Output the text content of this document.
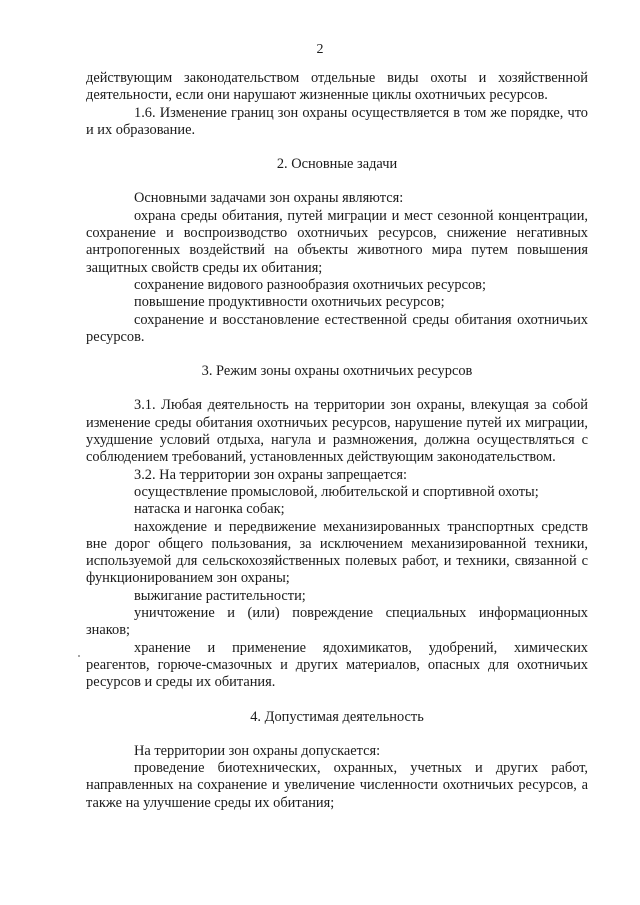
2

действующим законодательством отдельные виды охоты и хозяйственной деятельности, если они нарушают жизненные циклы охотничьих ресурсов.

1.6. Изменение границ зон охраны осуществляется в том же порядке, что и их образование.

2. Основные задачи

Основными задачами зон охраны являются:

охрана среды обитания, путей миграции и мест сезонной концентрации, сохранение и воспроизводство охотничьих ресурсов, снижение негативных антропогенных воздействий на объекты животного мира путем повышения защитных свойств среды их обитания;

сохранение видового разнообразия охотничьих ресурсов;

повышение продуктивности охотничьих ресурсов;

сохранение и восстановление естественной среды обитания охотничьих ресурсов.

3. Режим зоны охраны охотничьих ресурсов

3.1. Любая деятельность на территории зон охраны, влекущая за собой изменение среды обитания охотничьих ресурсов, нарушение путей их миграции, ухудшение условий отдыха, нагула и размножения, должна осуществляться с соблюдением требований, установленных действующим законодательством.

3.2. На территории зон охраны запрещается:

осуществление промысловой, любительской и спортивной охоты;

натаска и нагонка собак;

нахождение и передвижение механизированных транспортных средств вне дорог общего пользования, за исключением механизированной техники, используемой для сельскохозяйственных полевых работ, и техники, связанной с функционированием зон охраны;

выжигание растительности;

уничтожение и (или) повреждение специальных информационных знаков;

хранение и применение ядохимикатов, удобрений, химических реагентов, горюче-смазочных и других материалов, опасных для охотничьих ресурсов и среды их обитания.

4. Допустимая деятельность

На территории зон охраны допускается:

проведение биотехнических, охранных, учетных и других работ, направленных на сохранение и увеличение численности охотничьих ресурсов, а также на улучшение среды их обитания;
